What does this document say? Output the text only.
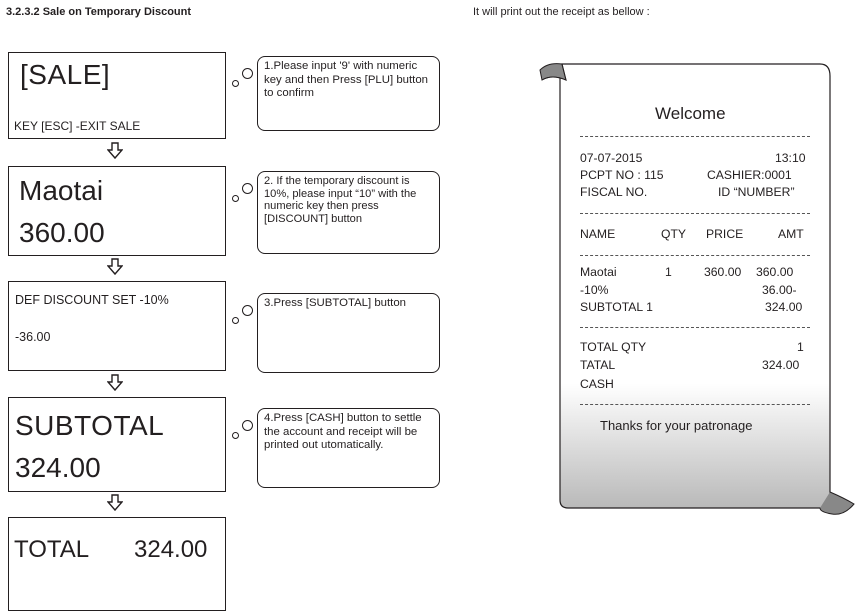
3.2.3.2 Sale on Temporary Discount	It will print out the receipt as bellow :
[SALE]
KEY [ESC] -EXIT SALE
Maotai
360.00
DEF DISCOUNT SET -10%
-36.00
SUBTOTAL
324.00
TOTAL 324.00
1.Please input '9' with numeric key and then Press [PLU] button to confirm
2. If the temporary discount is 10%, please input “10” with the numeric key then press [DISCOUNT] button
3.Press [SUBTOTAL] button
4.Press [CASH] button to settle the account and receipt will be printed out utomatically.
Welcome
07-07-2015	13:10
PCPT NO : 115	CASHIER:0001
FISCAL NO.	ID “NUMBER”
NAME	QTY PRICE	AMT
Maotai	1	360.00 360.00
-10%	36.00-
SUBTOTAL 1	324.00
TOTAL QTY	1
TATAL	324.00
CASH
Thanks for your patronage
